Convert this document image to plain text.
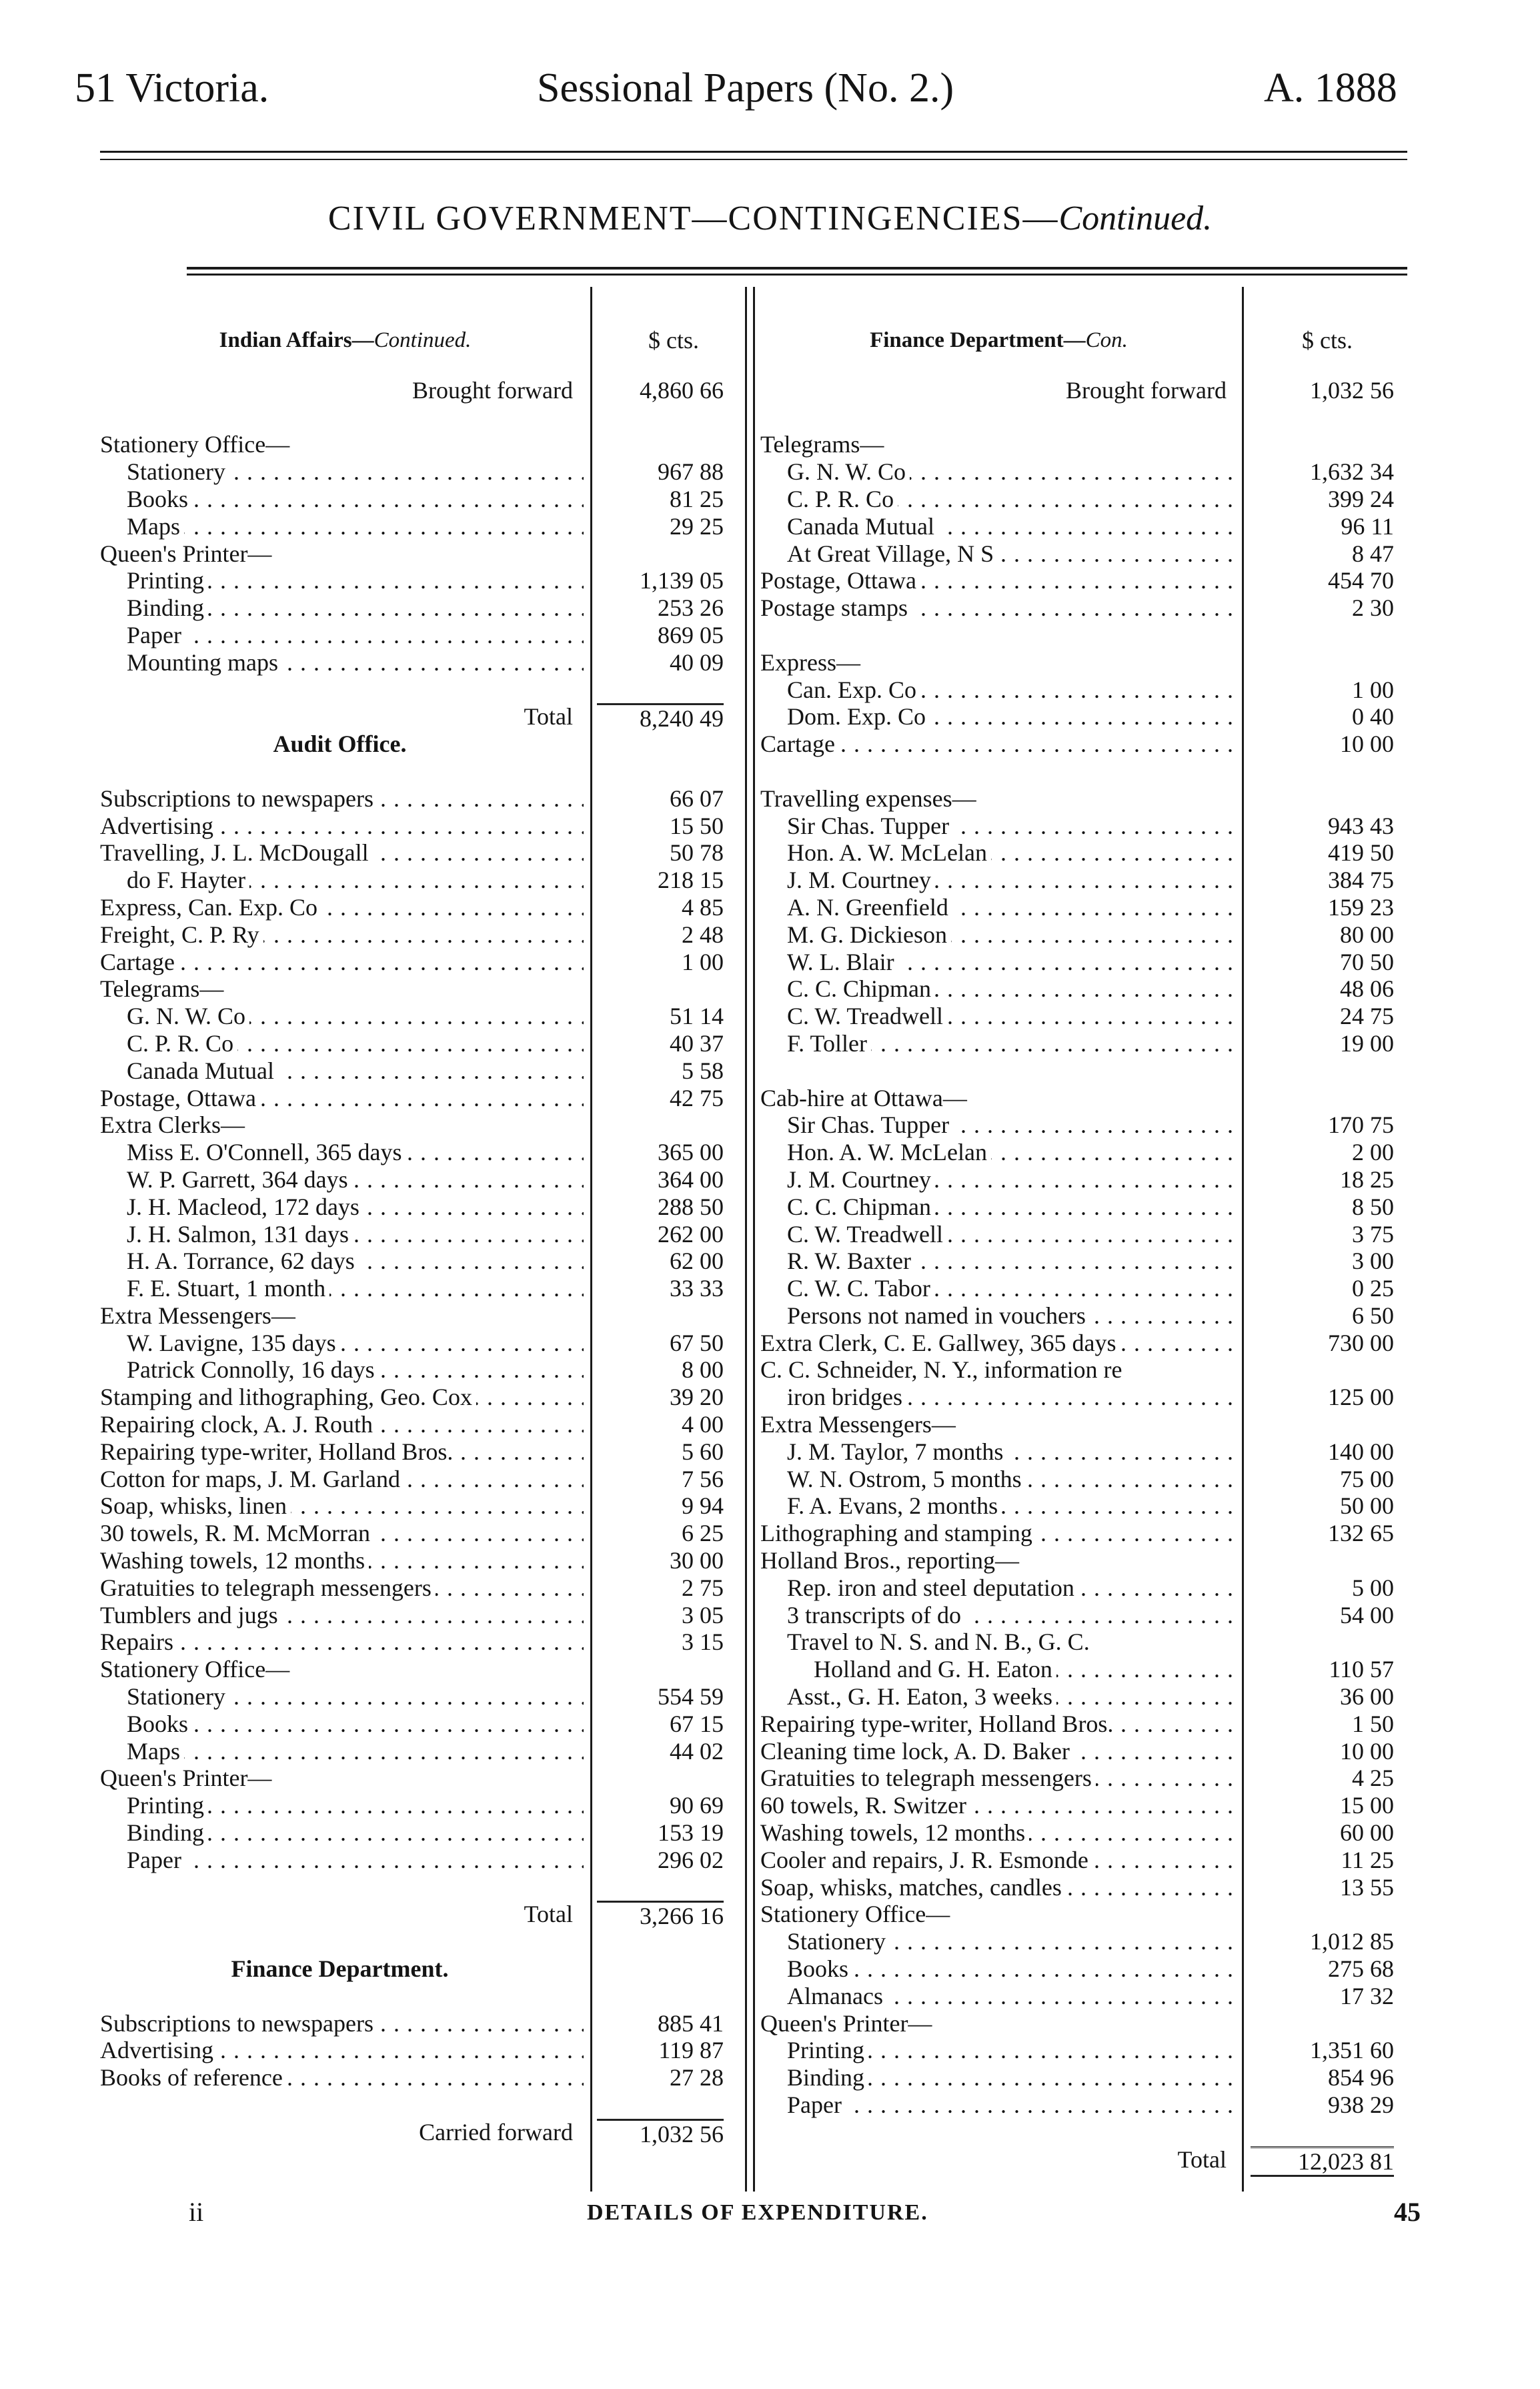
51 Victoria.	Sessional Papers (No. 2.)	A. 1888
CIVIL GOVERNMENT—CONTINGENCIES—Continued.
Indian Affairs—Continued.	$ cts.
Brought forward	4,860 66
Stationery Office—
Stationery . . .	967 88
Books . . .	81 25
Maps . . .	29 25
Queen's Printer—
Printing . . .	1,139 05
Binding . . .	253 26
Paper . . .	869 05
Mounting maps . . .	40 09
Total	8,240 49
Audit Office.
Subscriptions to newspapers . . .	66 07
Advertising . . .	15 50
Travelling, J. L. McDougall . . .	50 78
do F. Hayter . . .	218 15
Express, Can. Exp. Co . . .	4 85
Freight, C. P. Ry . . .	2 48
Cartage . . .	1 00
Telegrams—
G. N. W. Co . . .	51 14
C. P. R. Co . . .	40 37
Canada Mutual . . .	5 58
Postage, Ottawa . . .	42 75
Extra Clerks—
Miss E. O'Connell, 365 days . . .	365 00
W. P. Garrett, 364 days . . .	364 00
J. H. Macleod, 172 days . . .	288 50
J. H. Salmon, 131 days . . .	262 00
H. A. Torrance, 62 days . . .	62 00
F. E. Stuart, 1 month . . .	33 33
Extra Messengers—
W. Lavigne, 135 days . . .	67 50
Patrick Connolly, 16 days . . .	8 00
Stamping and lithographing, Geo. Cox . . .	39 20
Repairing clock, A. J. Routh . . .	4 00
Repairing type-writer, Holland Bros. . . .	5 60
Cotton for maps, J. M. Garland . . .	7 56
Soap, whisks, linen . . .	9 94
30 towels, R. M. McMorran . . .	6 25
Washing towels, 12 months . . .	30 00
Gratuities to telegraph messengers . . .	2 75
Tumblers and jugs . . .	3 05
Repairs . . .	3 15
Stationery Office—
Stationery . . .	554 59
Books . . .	67 15
Maps . . .	44 02
Queen's Printer—
Printing . . .	90 69
Binding . . .	153 19
Paper . . .	296 02
Total	3,266 16
Finance Department.
Subscriptions to newspapers . . .	885 41
Advertising . . .	119 87
Books of reference . . .	27 28
Carried forward	1,032 56
Finance Department—Con.	$ cts.
Brought forward	1,032 56
Telegrams—
G. N. W. Co . . .	1,632 34
C. P. R. Co . . .	399 24
Canada Mutual . . .	96 11
At Great Village, N S . . .	8 47
Postage, Ottawa . . .	454 70
Postage stamps . . .	2 30
Express—
Can. Exp. Co . . .	1 00
Dom. Exp. Co . . .	0 40
Cartage . . .	10 00
Travelling expenses—
Sir Chas. Tupper . . .	943 43
Hon. A. W. McLelan . . .	419 50
J. M. Courtney . . .	384 75
A. N. Greenfield . . .	159 23
M. G. Dickieson . . .	80 00
W. L. Blair . . .	70 50
C. C. Chipman . . .	48 06
C. W. Treadwell . . .	24 75
F. Toller . . .	19 00
Cab-hire at Ottawa—
Sir Chas. Tupper . . .	170 75
Hon. A. W. McLelan . . .	2 00
J. M. Courtney . . .	18 25
C. C. Chipman . . .	8 50
C. W. Treadwell . . .	3 75
R. W. Baxter . . .	3 00
C. W. C. Tabor . . .	0 25
Persons not named in vouchers . . .	6 50
Extra Clerk, C. E. Gallwey, 365 days . . .	730 00
C. C. Schneider, N. Y., information re
iron bridges . . .	125 00
Extra Messengers—
J. M. Taylor, 7 months . . .	140 00
W. N. Ostrom, 5 months . . .	75 00
F. A. Evans, 2 months . . .	50 00
Lithographing and stamping . . .	132 65
Holland Bros., reporting—
Rep. iron and steel deputation . . .	5 00
3 transcripts of do . . .	54 00
Travel to N. S. and N. B., G. C.
Holland and G. H. Eaton . . .	110 57
Asst., G. H. Eaton, 3 weeks . . .	36 00
Repairing type-writer, Holland Bros. . . .	1 50
Cleaning time lock, A. D. Baker . . .	10 00
Gratuities to telegraph messengers . . .	4 25
60 towels, R. Switzer . . .	15 00
Washing towels, 12 months . . .	60 00
Cooler and repairs, J. R. Esmonde . . .	11 25
Soap, whisks, matches, candles . . .	13 55
Stationery Office—
Stationery . . .	1,012 85
Books . . .	275 68
Almanacs . . .	17 32
Queen's Printer—
Printing . . .	1,351 60
Binding . . .	854 96
Paper . . .	938 29
Total	12,023 81
ii	DETAILS OF EXPENDITURE.	45
